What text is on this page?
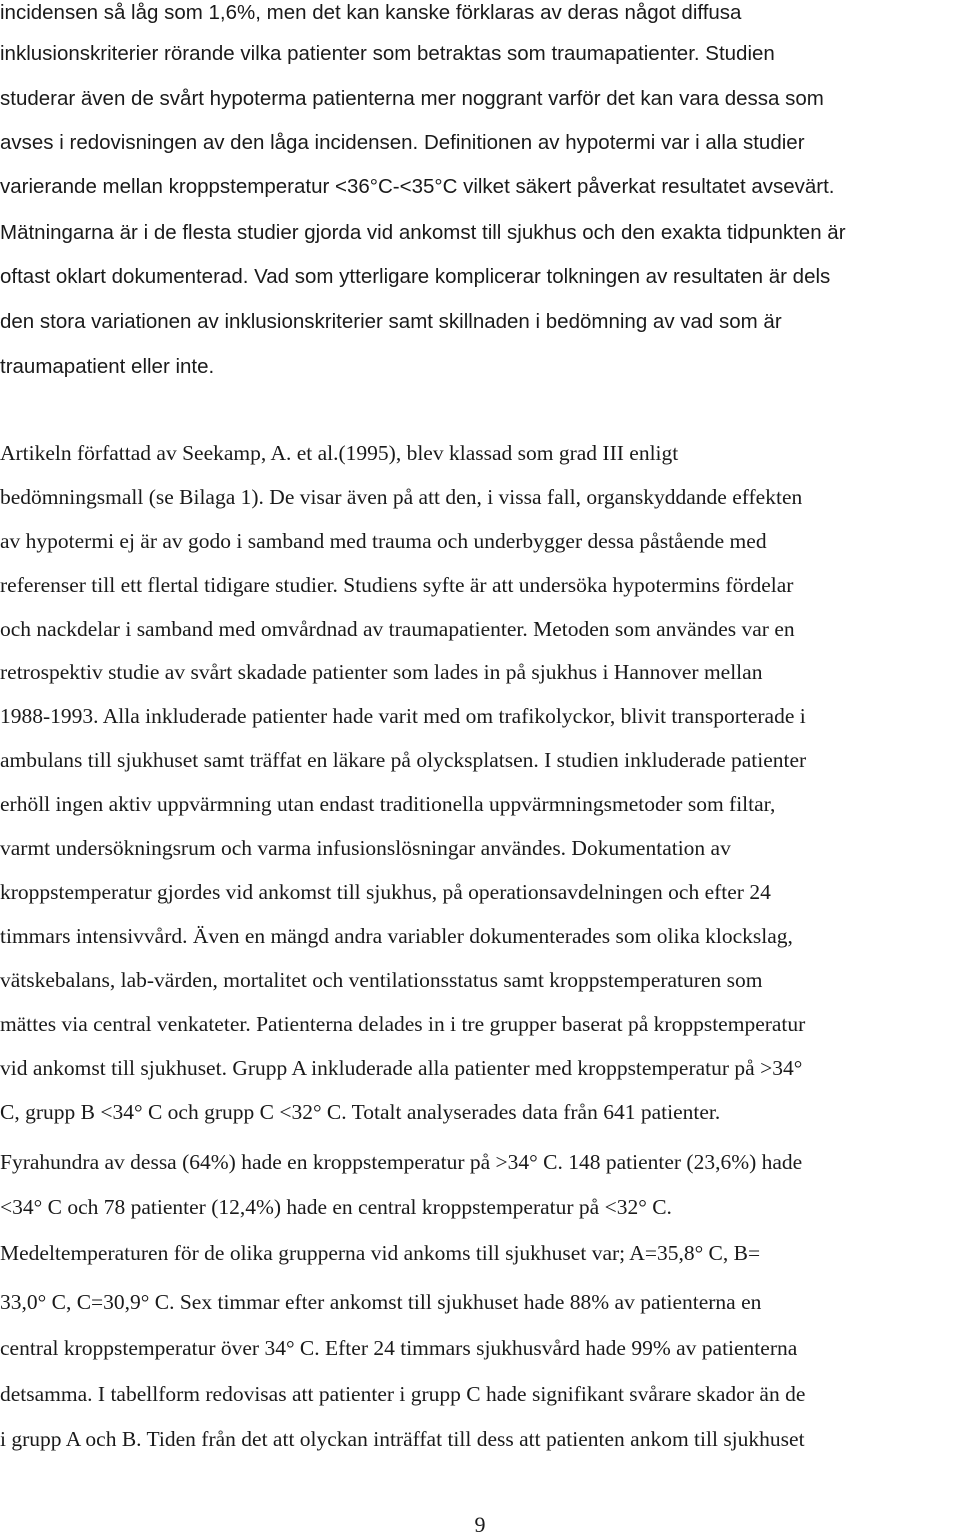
incidensen så låg som 1,6%, men det kan kanske förklaras av deras något diffusa

inklusionskriterier rörande vilka patienter som betraktas som traumapatienter. Studien

studerar även de svårt hypoterma patienterna mer noggrant varför det kan vara dessa som

avses i redovisningen av den låga incidensen. Definitionen av hypotermi var i alla studier

varierande mellan kroppstemperatur <36°C-<35°C vilket säkert påverkat resultatet avsevärt.

Mätningarna är i de flesta studier gjorda vid ankomst till sjukhus och den exakta tidpunkten är

oftast oklart dokumenterad. Vad som ytterligare komplicerar tolkningen av resultaten är dels

den stora variationen av inklusionskriterier samt skillnaden i bedömning av vad som är

traumapatient eller inte.

Artikeln författad av Seekamp, A. et al.(1995), blev klassad som grad III enligt

bedömningsmall (se Bilaga 1). De visar även på att den, i vissa fall, organskyddande effekten

av hypotermi ej är av godo i samband med trauma och underbygger dessa påstående med

referenser till ett flertal tidigare studier. Studiens syfte är att undersöka hypotermins fördelar

och nackdelar i samband med omvårdnad av traumapatienter. Metoden som användes var en

retrospektiv studie av svårt skadade patienter som lades in på sjukhus i Hannover mellan

1988-1993. Alla inkluderade patienter hade varit med om trafikolyckor, blivit transporterade i

ambulans till sjukhuset samt träffat en läkare på olycksplatsen. I studien inkluderade patienter

erhöll ingen aktiv uppvärmning utan endast traditionella uppvärmningsmetoder som filtar,

varmt undersökningsrum och varma infusionslösningar användes. Dokumentation av

kroppstemperatur gjordes vid ankomst till sjukhus, på operationsavdelningen och efter 24

timmars intensivvård. Även en mängd andra variabler dokumenterades som olika klockslag,

vätskebalans, lab-värden, mortalitet och ventilationsstatus samt kroppstemperaturen som

mättes via central venkateter. Patienterna delades in i tre grupper baserat på kroppstemperatur

vid ankomst till sjukhuset. Grupp A inkluderade alla patienter med kroppstemperatur på >34°

C, grupp B <34° C och grupp C <32° C. Totalt analyserades data från 641 patienter.

Fyrahundra av dessa (64%) hade en kroppstemperatur på >34° C. 148 patienter (23,6%) hade

<34° C och 78 patienter (12,4%) hade en central kroppstemperatur på <32° C.

Medeltemperaturen för de olika grupperna vid ankoms till sjukhuset var; A=35,8° C, B=

33,0° C, C=30,9° C. Sex timmar efter ankomst till sjukhuset hade 88% av patienterna en

central kroppstemperatur över 34° C. Efter 24 timmars sjukhusvård hade 99% av patienterna

detsamma. I tabellform redovisas att patienter i grupp C hade signifikant svårare skador än de

i grupp A och B. Tiden från det att olyckan inträffat till dess att patienten ankom till sjukhuset

9
